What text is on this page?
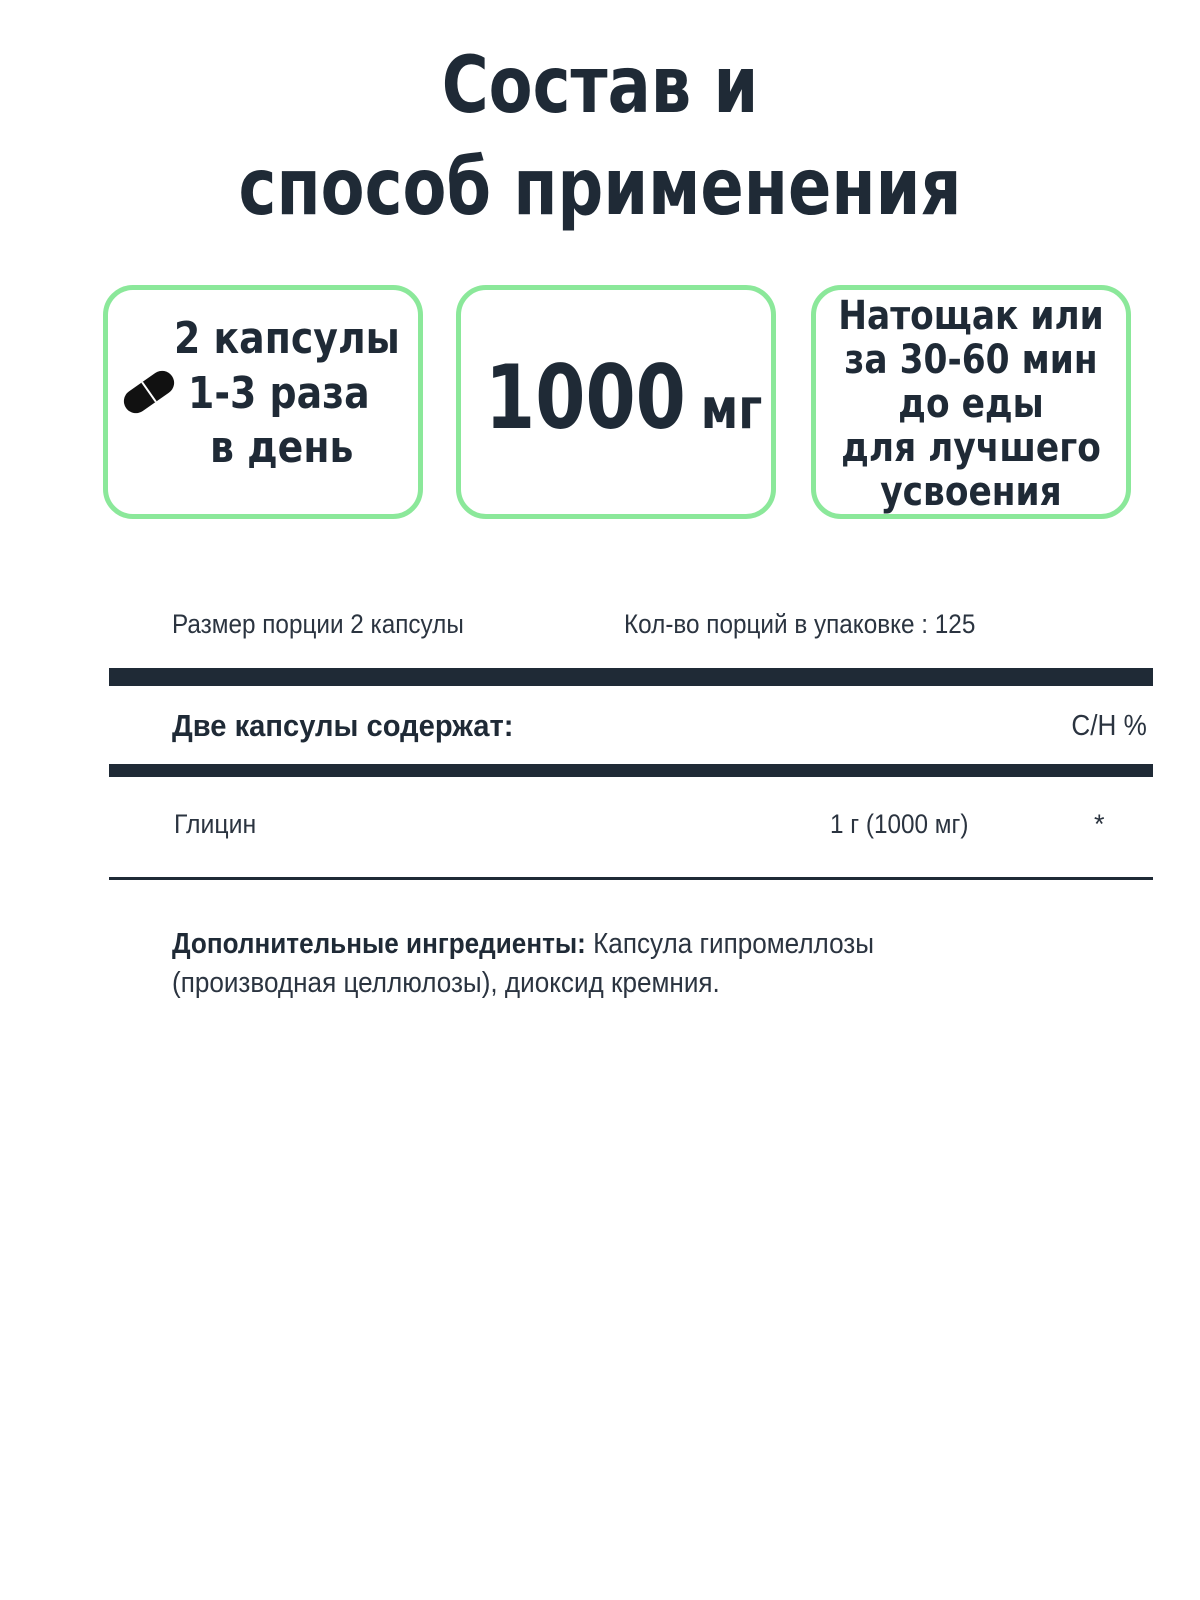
Состав и
способ применения
2 капсулы
1-3 раза
в день 1000 мг
Натощак или
за 30-60 мин
до еды
для лучшего
усвоения
Размер порции 2 капсулы	Кол-во порций в упаковке : 125
Две капсулы содержат:	С/Н %
Глицин	1 г (1000 мг)	*
Дополнительные ингредиенты: Капсула гипромеллозы
(производная целлюлозы), диоксид кремния.
